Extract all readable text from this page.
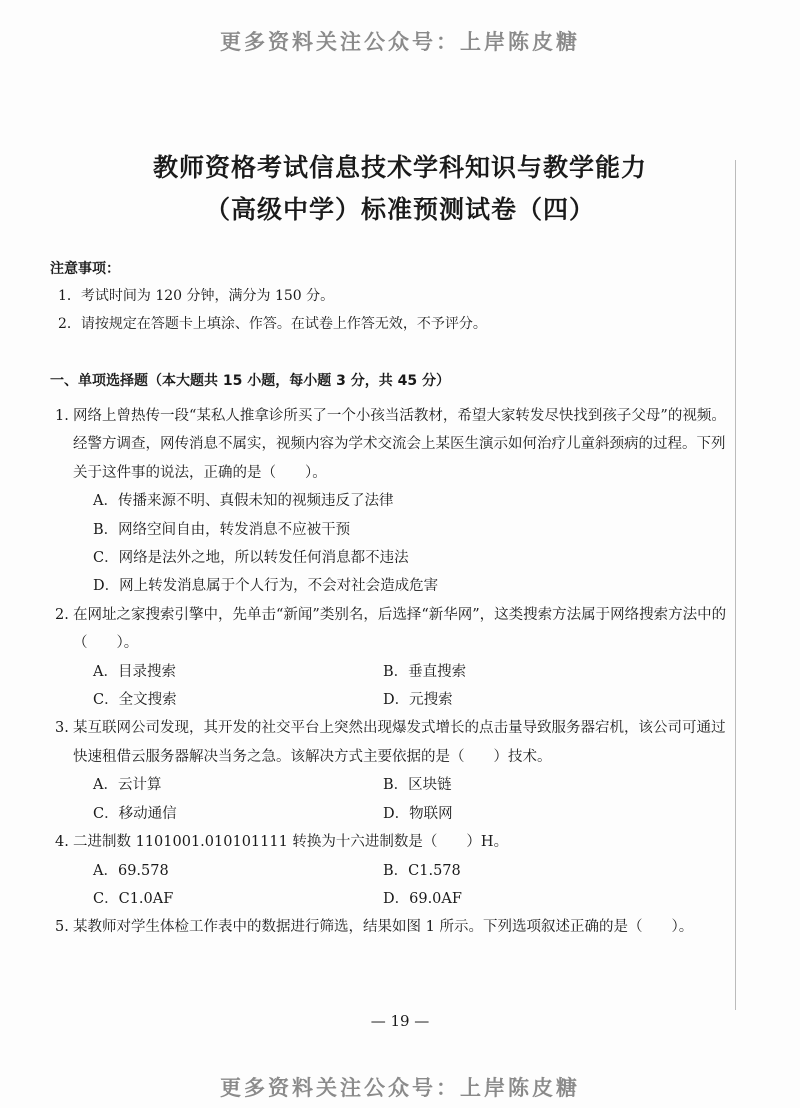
更多资料关注公众号：上岸陈皮糖
教师资格考试信息技术学科知识与教学能力
（高级中学）标准预测试卷（四）
注意事项：
1．考试时间为 120 分钟，满分为 150 分。
2．请按规定在答题卡上填涂、作答。在试卷上作答无效，不予评分。
一、单项选择题（本大题共 15 小题，每小题 3 分，共 45 分）
1. 网络上曾热传一段“某私人推拿诊所买了一个小孩当活教材，希望大家转发尽快找到孩子父母”的视频。经警方调查，网传消息不属实，视频内容为学术交流会上某医生演示如何治疗儿童斜颈病的过程。下列关于这件事的说法，正确的是（　　）。
A．传播来源不明、真假未知的视频违反了法律
B．网络空间自由，转发消息不应被干预
C．网络是法外之地，所以转发任何消息都不违法
D．网上转发消息属于个人行为，不会对社会造成危害
2. 在网址之家搜索引擎中，先单击“新闻”类别名，后选择“新华网”，这类搜索方法属于网络搜索方法中的（　　）。
A．目录搜索	B．垂直搜索
C．全文搜索	D．元搜索
3. 某互联网公司发现，其开发的社交平台上突然出现爆发式增长的点击量导致服务器宕机，该公司可通过快速租借云服务器解决当务之急。该解决方式主要依据的是（　　）技术。
A．云计算	B．区块链
C．移动通信	D．物联网
4. 二进制数 1101001.010101111 转换为十六进制数是（　　）H。
A．69.578	B．C1.578
C．C1.0AF	D．69.0AF
5. 某教师对学生体检工作表中的数据进行筛选，结果如图 1 所示。下列选项叙述正确的是（　　）。
— 19 —
更多资料关注公众号：上岸陈皮糖
